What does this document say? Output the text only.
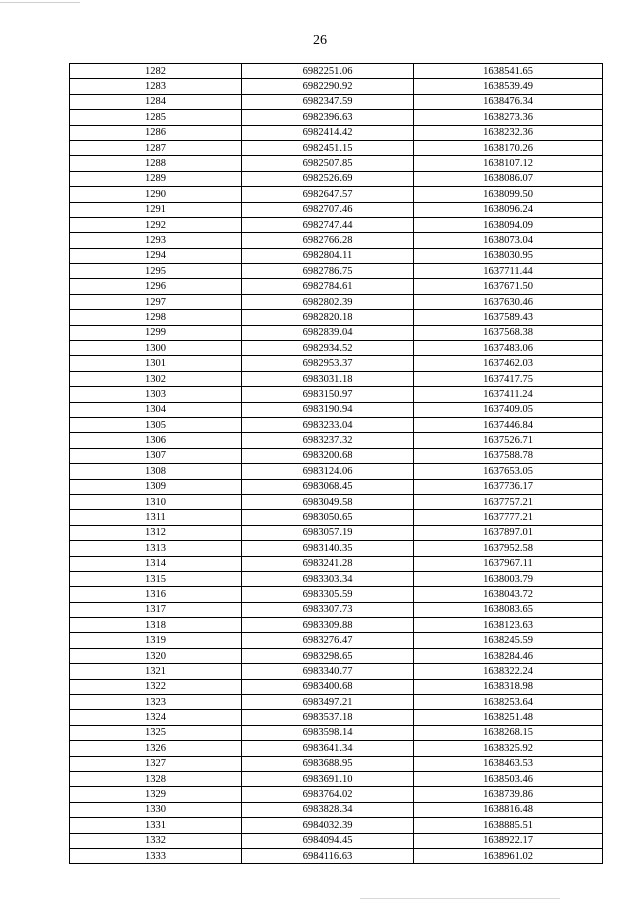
26
1282	6982251.06	1638541.65
1283	6982290.92	1638539.49
1284	6982347.59	1638476.34
1285	6982396.63	1638273.36
1286	6982414.42	1638232.36
1287	6982451.15	1638170.26
1288	6982507.85	1638107.12
1289	6982526.69	1638086.07
1290	6982647.57	1638099.50
1291	6982707.46	1638096.24
1292	6982747.44	1638094.09
1293	6982766.28	1638073.04
1294	6982804.11	1638030.95
1295	6982786.75	1637711.44
1296	6982784.61	1637671.50
1297	6982802.39	1637630.46
1298	6982820.18	1637589.43
1299	6982839.04	1637568.38
1300	6982934.52	1637483.06
1301	6982953.37	1637462.03
1302	6983031.18	1637417.75
1303	6983150.97	1637411.24
1304	6983190.94	1637409.05
1305	6983233.04	1637446.84
1306	6983237.32	1637526.71
1307	6983200.68	1637588.78
1308	6983124.06	1637653.05
1309	6983068.45	1637736.17
1310	6983049.58	1637757.21
1311	6983050.65	1637777.21
1312	6983057.19	1637897.01
1313	6983140.35	1637952.58
1314	6983241.28	1637967.11
1315	6983303.34	1638003.79
1316	6983305.59	1638043.72
1317	6983307.73	1638083.65
1318	6983309.88	1638123.63
1319	6983276.47	1638245.59
1320	6983298.65	1638284.46
1321	6983340.77	1638322.24
1322	6983400.68	1638318.98
1323	6983497.21	1638253.64
1324	6983537.18	1638251.48
1325	6983598.14	1638268.15
1326	6983641.34	1638325.92
1327	6983688.95	1638463.53
1328	6983691.10	1638503.46
1329	6983764.02	1638739.86
1330	6983828.34	1638816.48
1331	6984032.39	1638885.51
1332	6984094.45	1638922.17
1333	6984116.63	1638961.02
